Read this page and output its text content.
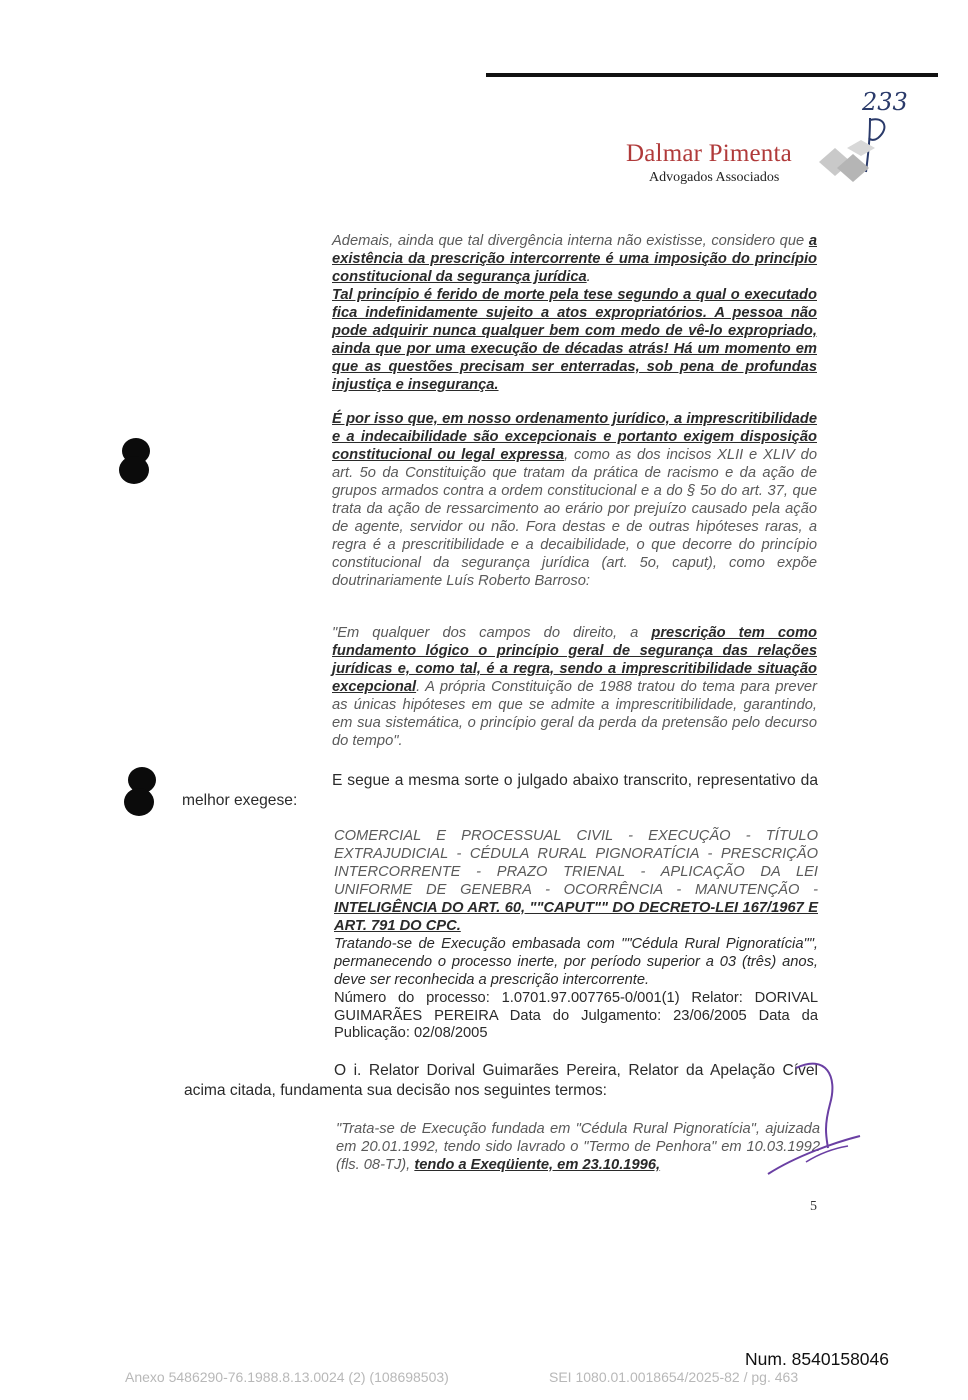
233
Dalmar Pimenta
Advogados Associados

Ademais, ainda que tal divergência interna não existisse, considero que a existência da prescrição intercorrente é uma imposição do princípio constitucional da segurança jurídica.
Tal princípio é ferido de morte pela tese segundo a qual o executado fica indefinidamente sujeito a atos expropriatórios. A pessoa não pode adquirir nunca qualquer bem com medo de vê-lo expropriado, ainda que por uma execução de décadas atrás! Há um momento em que as questões precisam ser enterradas, sob pena de profundas injustiça e insegurança.

É por isso que, em nosso ordenamento jurídico, a imprescritibilidade e a indecaibilidade são excepcionais e portanto exigem disposição constitucional ou legal expressa, como as dos incisos XLII e XLIV do art. 5o da Constituição que tratam da prática de racismo e da ação de grupos armados contra a ordem constitucional e a do § 5o do art. 37, que trata da ação de ressarcimento ao erário por prejuízo causado pela ação de agente, servidor ou não. Fora destas e de outras hipóteses raras, a regra é a prescritibilidade e a decaibilidade, o que decorre do princípio constitucional da segurança jurídica (art. 5o, caput), como expõe doutrinariamente Luís Roberto Barroso:

"Em qualquer dos campos do direito, a prescrição tem como fundamento lógico o princípio geral de segurança das relações jurídicas e, como tal, é a regra, sendo a imprescritibilidade situação excepcional. A própria Constituição de 1988 tratou do tema para prever as únicas hipóteses em que se admite a imprescritibilidade, garantindo, em sua sistemática, o princípio geral da perda da pretensão pelo decurso do tempo".

E segue a mesma sorte o julgado abaixo transcrito, representativo da melhor exegese:

COMERCIAL E PROCESSUAL CIVIL - EXECUÇÃO - TÍTULO EXTRAJUDICIAL - CÉDULA RURAL PIGNORATÍCIA - PRESCRIÇÃO INTERCORRENTE - PRAZO TRIENAL - APLICAÇÃO DA LEI UNIFORME DE GENEBRA - OCORRÊNCIA - MANUTENÇÃO - INTELIGÊNCIA DO ART. 60, ""CAPUT"" DO DECRETO-LEI 167/1967 E ART. 791 DO CPC.
Tratando-se de Execução embasada com ""Cédula Rural Pignoratícia"", permanecendo o processo inerte, por período superior a 03 (três) anos, deve ser reconhecida a prescrição intercorrente.
Número do processo: 1.0701.97.007765-0/001(1) Relator: DORIVAL GUIMARÃES PEREIRA Data do Julgamento: 23/06/2005 Data da Publicação: 02/08/2005

O i. Relator Dorival Guimarães Pereira, Relator da Apelação Cível acima citada, fundamenta sua decisão nos seguintes termos:

"Trata-se de Execução fundada em "Cédula Rural Pignoratícia", ajuizada em 20.01.1992, tendo sido lavrado o "Termo de Penhora" em 10.03.1992 (fls. 08-TJ), tendo a Exeqüiente, em 23.10.1996,

5
Num. 8540158046
Anexo 5486290-76.1988.8.13.0024 (2) (108698503)	SEI 1080.01.0018654/2025-82 / pg. 463
